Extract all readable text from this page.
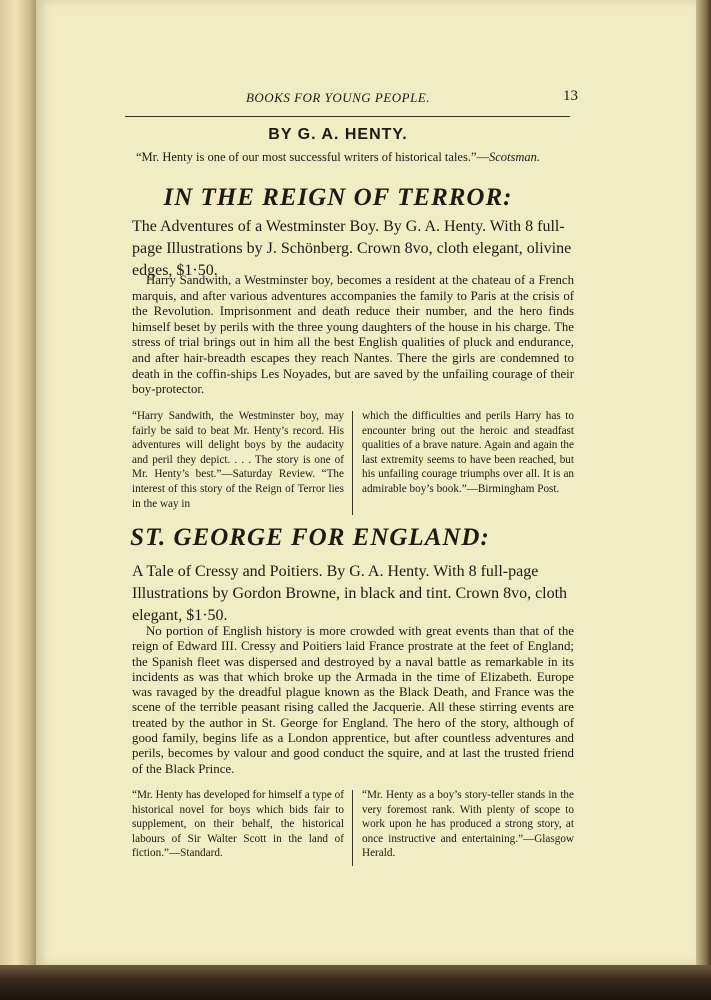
BOOKS FOR YOUNG PEOPLE.	13
BY G. A. HENTY.
“Mr. Henty is one of our most successful writers of historical tales.”—Scotsman.
IN THE REIGN OF TERROR:
The Adventures of a Westminster Boy. By G. A. Henty. With 8 full-page Illustrations by J. Schönberg. Crown 8vo, cloth elegant, olivine edges, $1·50.
Harry Sandwith, a Westminster boy, becomes a resident at the chateau of a French marquis, and after various adventures accompanies the family to Paris at the crisis of the Revolution. Imprisonment and death reduce their number, and the hero finds himself beset by perils with the three young daughters of the house in his charge. The stress of trial brings out in him all the best English qualities of pluck and endurance, and after hair-breadth escapes they reach Nantes. There the girls are condemned to death in the coffin-ships Les Noyades, but are saved by the unfailing courage of their boy-protector.
“Harry Sandwith, the Westminster boy, may fairly be said to beat Mr. Henty’s record. His adventures will delight boys by the audacity and peril they depict. . . . The story is one of Mr. Henty’s best.”—Saturday Review. “The interest of this story of the Reign of Terror lies in the way in
which the difficulties and perils Harry has to encounter bring out the heroic and steadfast qualities of a brave nature. Again and again the last extremity seems to have been reached, but his unfailing courage triumphs over all. It is an admirable boy’s book.”—Birmingham Post.
ST. GEORGE FOR ENGLAND:
A Tale of Cressy and Poitiers. By G. A. Henty. With 8 full-page Illustrations by Gordon Browne, in black and tint. Crown 8vo, cloth elegant, $1·50.
No portion of English history is more crowded with great events than that of the reign of Edward III. Cressy and Poitiers laid France prostrate at the feet of England; the Spanish fleet was dispersed and destroyed by a naval battle as remarkable in its incidents as was that which broke up the Armada in the time of Elizabeth. Europe was ravaged by the dreadful plague known as the Black Death, and France was the scene of the terrible peasant rising called the Jacquerie. All these stirring events are treated by the author in St. George for England. The hero of the story, although of good family, begins life as a London apprentice, but after countless adventures and perils, becomes by valour and good conduct the squire, and at last the trusted friend of the Black Prince.
“Mr. Henty has developed for himself a type of historical novel for boys which bids fair to supplement, on their behalf, the historical labours of Sir Walter Scott in the land of fiction.”—Standard.
“Mr. Henty as a boy’s story-teller stands in the very foremost rank. With plenty of scope to work upon he has produced a strong story, at once instructive and entertaining.”—Glasgow Herald.
